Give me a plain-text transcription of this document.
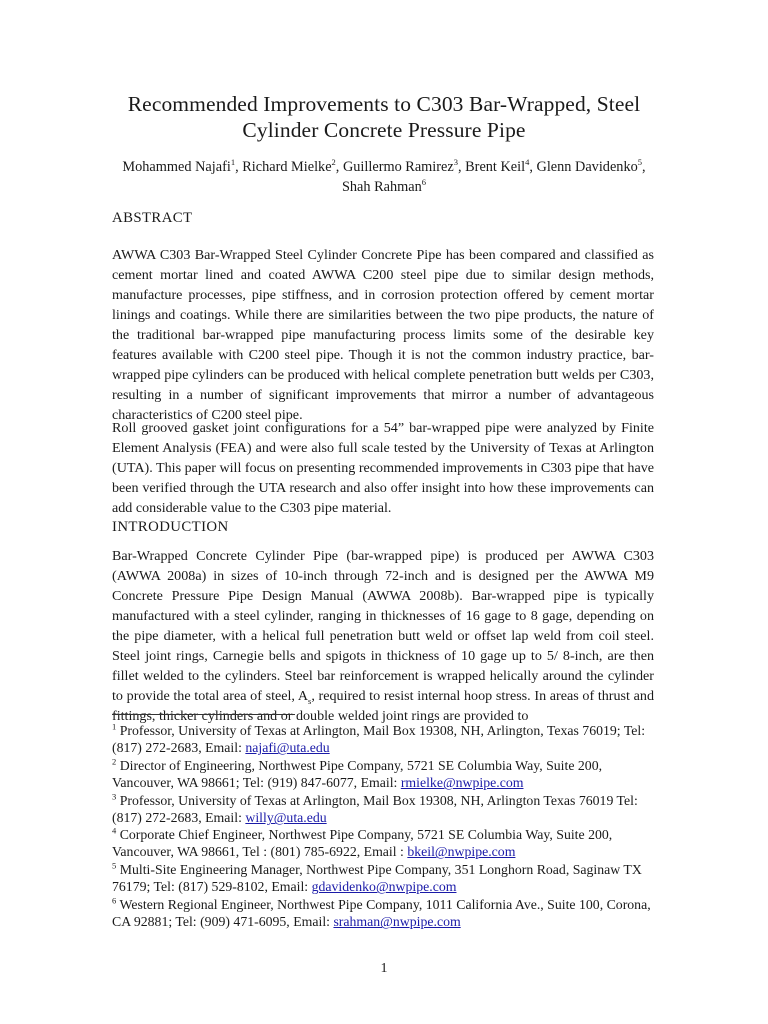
Recommended Improvements to C303 Bar-Wrapped, Steel
Cylinder Concrete Pressure Pipe
Mohammed Najafi$^1$, Richard Mielke$^2$, Guillermo Ramirez$^3$, Brent Keil$^4$, Glenn Davidenko$^5$,
Shah Rahman$^6$
ABSTRACT

AWWA C303 Bar-Wrapped Steel Cylinder Concrete Pipe has been compared and classified as cement mortar lined and coated AWWA C200 steel pipe due to similar design methods, manufacture processes, pipe stiffness, and in corrosion protection offered by cement mortar linings and coatings. While there are similarities between the two pipe products, the nature of the traditional bar-wrapped pipe manufacturing process limits some of the desirable key features available with C200 steel pipe. Though it is not the common industry practice, bar-wrapped pipe cylinders can be produced with helical complete penetration butt welds per C303, resulting in a number of significant improvements that mirror a number of advantageous characteristics of C200 steel pipe.

Roll grooved gasket joint configurations for a 54” bar-wrapped pipe were analyzed by Finite Element Analysis (FEA) and were also full scale tested by the University of Texas at Arlington (UTA). This paper will focus on presenting recommended improvements in C303 pipe that have been verified through the UTA research and also offer insight into how these improvements can add considerable value to the C303 pipe material.

INTRODUCTION

Bar-Wrapped Concrete Cylinder Pipe (bar-wrapped pipe) is produced per AWWA C303 (AWWA 2008a) in sizes of 10-inch through 72-inch and is designed per the AWWA M9 Concrete Pressure Pipe Design Manual (AWWA 2008b). Bar-wrapped pipe is typically manufactured with a steel cylinder, ranging in thicknesses of 16 gage to 8 gage, depending on the pipe diameter, with a helical full penetration butt weld or offset lap weld from coil steel. Steel joint rings, Carnegie bells and spigots in thickness of 10 gage up to 5/ 8-inch, are then fillet welded to the cylinders. Steel bar reinforcement is wrapped helically around the cylinder to provide the total area of steel, $A_s$, required to resist internal hoop stress. In areas of thrust and fittings, thicker cylinders and or double welded joint rings are provided to

$^1$ Professor, University of Texas at Arlington, Mail Box 19308, NH, Arlington, Texas 76019; Tel: (817) 272-2683, Email: najafi@uta.edu

$^2$ Director of Engineering, Northwest Pipe Company, 5721 SE Columbia Way, Suite 200, Vancouver, WA 98661; Tel: (919) 847-6077, Email: rmielke@nwpipe.com

$^3$ Professor, University of Texas at Arlington, Mail Box 19308, NH, Arlington Texas 76019 Tel: (817) 272-2683, Email: willy@uta.edu

$^4$ Corporate Chief Engineer, Northwest Pipe Company, 5721 SE Columbia Way, Suite 200, Vancouver, WA 98661, Tel : (801) 785-6922, Email : bkeil@nwpipe.com

$^5$ Multi-Site Engineering Manager, Northwest Pipe Company, 351 Longhorn Road, Saginaw TX 76179; Tel: (817) 529-8102, Email: gdavidenko@nwpipe.com

$^6$ Western Regional Engineer, Northwest Pipe Company, 1011 California Ave., Suite 100, Corona, CA 92881; Tel: (909) 471-6095, Email: srahman@nwpipe.com

1
